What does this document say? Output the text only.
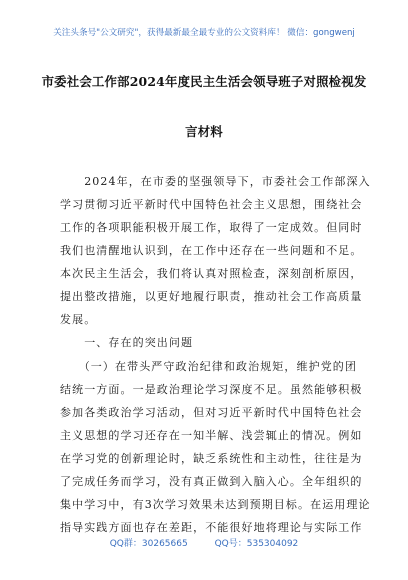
关注头条号"公文研究"，获得最新最全最专业的公文资料库！ 微信：gongwenj
市委社会工作部2024年度民主生活会领导班子对照检视发
言材料
　　2024年，在市委的坚强领导下，市委社会工作部深入
学习贯彻习近平新时代中国特色社会主义思想，围绕社会
工作的各项职能积极开展工作，取得了一定成效。但同时
我们也清醒地认识到，在工作中还存在一些问题和不足。
本次民主生活会，我们将认真对照检查，深刻剖析原因，
提出整改措施，以更好地履行职责，推动社会工作高质量
发展。
　　一、存在的突出问题
　　（一）在带头严守政治纪律和政治规矩，维护党的团
结统一方面。一是政治理论学习深度不足。虽然能够积极
参加各类政治学习活动，但对习近平新时代中国特色社会
主义思想的学习还存在一知半解、浅尝辄止的情况。例如
在学习党的创新理论时，缺乏系统性和主动性，往往是为
了完成任务而学习，没有真正做到入脑入心。全年组织的
集中学习中，有3次学习效果未达到预期目标。在运用理论
指导实践方面也存在差距，不能很好地将理论与实际工作
QQ群：30265665	QQ号：535304092
